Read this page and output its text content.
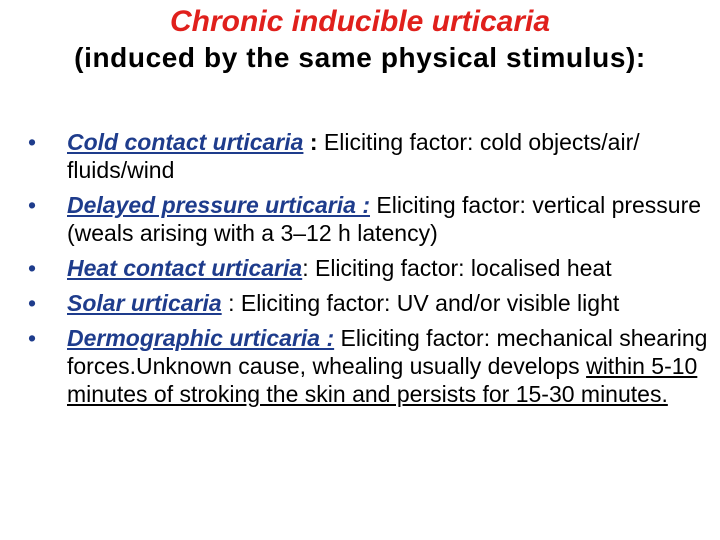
Chronic inducible urticaria
(induced by the same physical stimulus):
•	Cold contact urticaria : Eliciting factor: cold objects/air/ fluids/wind
•	Delayed pressure urticaria : Eliciting factor: vertical pressure (weals arising with a 3–12 h latency)
•	Heat contact urticaria: Eliciting factor: localised heat
•	Solar urticaria : Eliciting factor: UV and/or visible light
•	Dermographic urticaria : Eliciting factor: mechanical shearing forces.Unknown cause, whealing usually develops within 5-10 minutes of stroking the skin and persists for 15-30 minutes.
